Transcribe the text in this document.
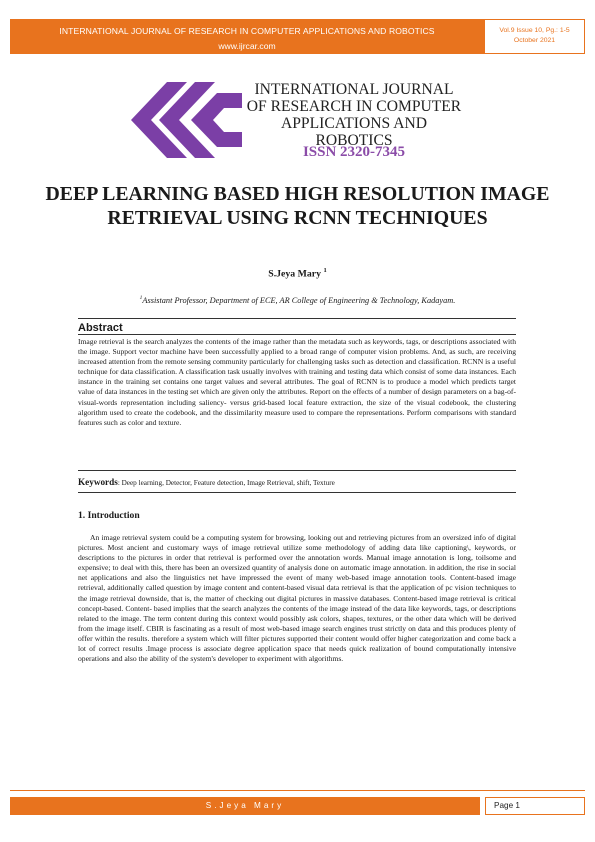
INTERNATIONAL JOURNAL OF RESEARCH IN COMPUTER APPLICATIONS AND ROBOTICS
www.ijrcar.com
Vol.9 Issue 10, Pg.: 1-5
October 2021
INTERNATIONAL JOURNAL OF RESEARCH IN COMPUTER APPLICATIONS AND ROBOTICS
ISSN 2320-7345
DEEP LEARNING BASED HIGH RESOLUTION IMAGE RETRIEVAL USING RCNN TECHNIQUES
S.Jeya Mary $^1$
$^1$Assistant Professor, Department of ECE, AR College of Engineering & Technology, Kadayam.
Abstract
Image retrieval is the search analyzes the contents of the image rather than the metadata such as keywords, tags, or descriptions associated with the image. Support vector machine have been successfully applied to a broad range of computer vision problems. And, as such, are receiving increased attention from the remote sensing community particularly for challenging tasks such as detection and classification. RCNN is a useful technique for data classification. A classification task usually involves with training and testing data which consist of some data instances. Each instance in the training set contains one target values and several attributes. The goal of RCNN is to produce a model which predicts target value of data instances in the testing set which are given only the attributes. Report on the effects of a number of design parameters on a bag-of-visual-words representation including saliency- versus grid-based local feature extraction, the size of the visual codebook, the clustering algorithm used to create the codebook, and the dissimilarity measure used to compare the representations. Perform comparisons with standard features such as color and texture.
Keywords: Deep learning, Detector, Feature detection, Image Retrieval, shift, Texture
1. Introduction
An image retrieval system could be a computing system for browsing, looking out and retrieving pictures from an oversized info of digital pictures. Most ancient and customary ways of image retrieval utilize some methodology of adding data like captioning\, keywords, or descriptions to the pictures in order that retrieval is performed over the annotation words. Manual image annotation is long, toilsome and expensive; to deal with this, there has been an oversized quantity of analysis done on automatic image annotation. in addition, the rise in social net applications and also the linguistics net have impressed the event of many web-based image annotation tools. Content-based image retrieval, additionally called question by image content and content-based visual data retrieval is that the application of pc vision techniques to the image retrieval downside, that is, the matter of checking out digital pictures in massive databases. Content-based image retrieval is critical concept-based. Content- based implies that the search analyzes the contents of the image instead of the data like keywords, tags, or descriptions related to the image. The term content during this context would possibly ask colors, shapes, textures, or the other data which will be derived from the image itself. CBIR is fascinating as a result of most web-based image search engines trust strictly on data and this produces plenty of offer within the results. therefore a system which will filter pictures supported their content would offer higher categorization and come back a lot of correct results .Image process is associate degree application space that needs quick realization of bound computationally intensive operations and also the ability of the system's developer to experiment with algorithms.
S.Jeya Mary	Page 1
